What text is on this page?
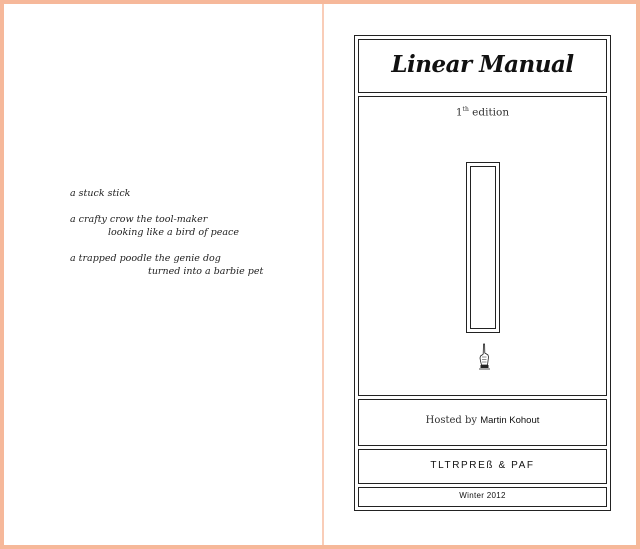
a stuck stick
a crafty crow the tool-maker
looking like a bird of peace
a trapped poodle the genie dog
turned into a barbie pet
Linear Manual
1th edition
Hosted by Martin Kohout
TLTRPREß & PAF
Winter 2012
